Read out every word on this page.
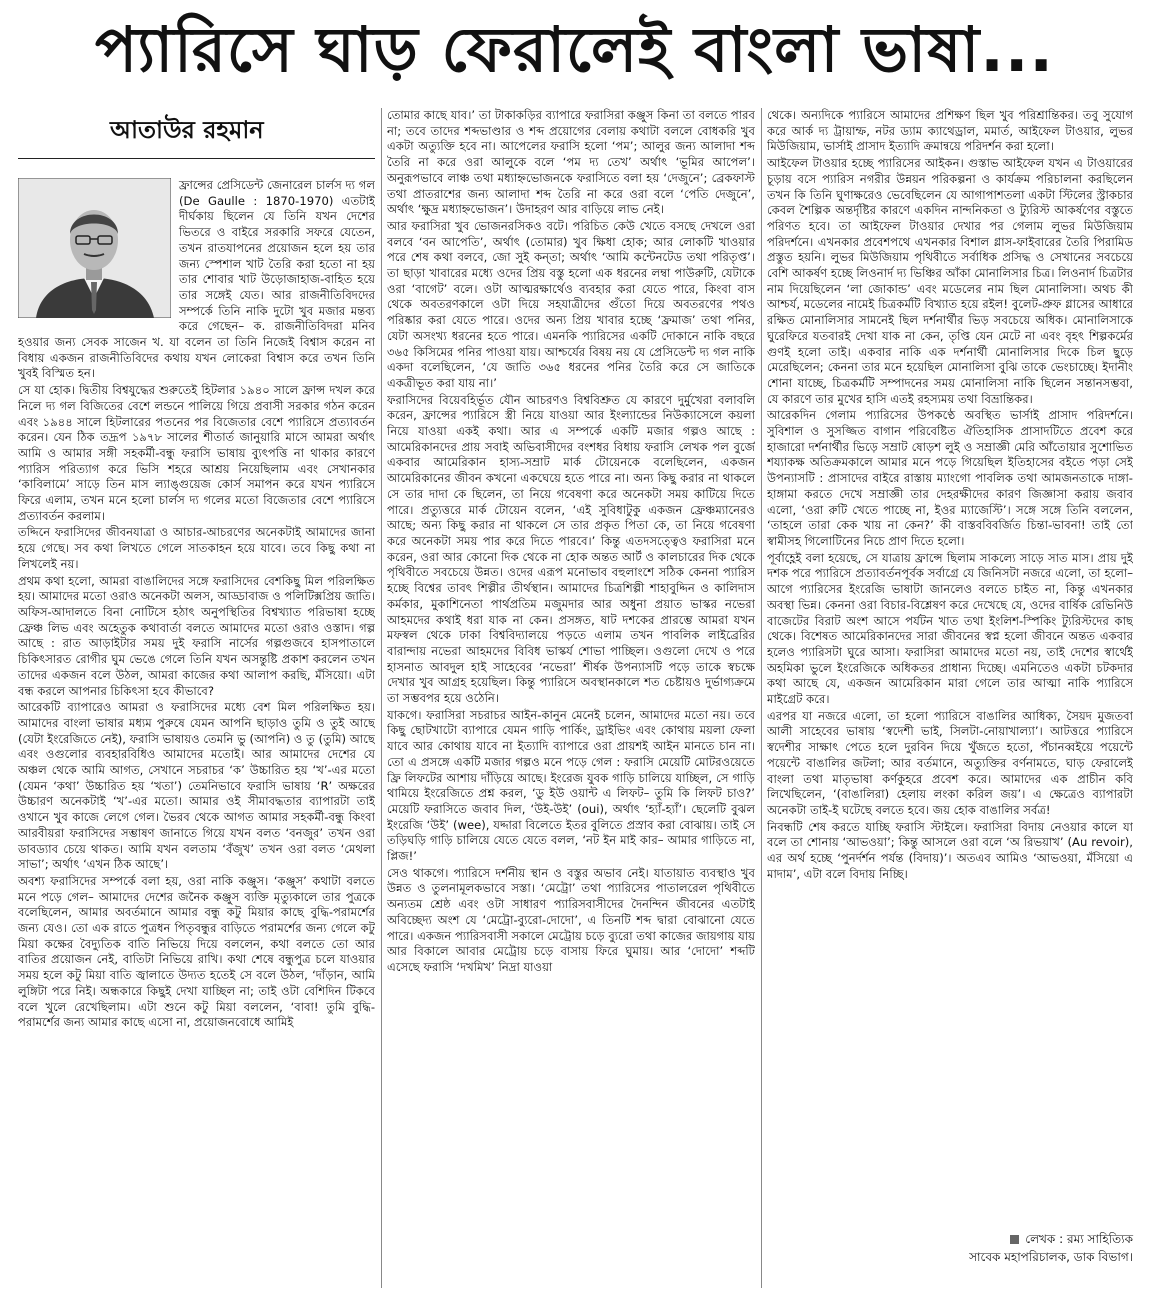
প্যারিসে ঘাড় ফেরালেই বাংলা ভাষা...
আতাউর রহমান

ফ্রান্সের প্রেসিডেন্ট জেনারেল চার্লস দ্য গল (De Gaulle : 1870-1970) এতটাই দীর্ঘকায় ছিলেন যে তিনি যখন দেশের ভিতরে ও বাইরে সরকারি সফরে যেতেন, তখন রাতযাপনের প্রয়োজন হলে হয় তার জন্য স্পেশাল খাট তৈরি করা হতো না হয় তার শোবার খাট উড়োজাহাজ-বাহিত হয়ে তার সঙ্গেই যেত। আর রাজনীতিবিদদের সম্পর্কে তিনি নাকি দুটো খুব মজার মন্তব্য করে গেছেন– ক. রাজনীতিবিদরা মনিব হওয়ার জন্য সেবক সাজেন খ. যা বলেন তা তিনি নিজেই বিশ্বাস করেন না বিধায় একজন রাজনীতিবিদের কথায় যখন লোকেরা বিশ্বাস করে তখন তিনি খুবই বিস্মিত হন।

সে যা হোক। দ্বিতীয় বিশ্বযুদ্ধের শুরুতেই হিটলার ১৯৪০ সালে ফ্রান্স দখল করে নিলে দ্য গল বিজিতের বেশে লন্ডনে পালিয়ে গিয়ে প্রবাসী সরকার গঠন করেন এবং ১৯৪৪ সালে হিটলারের পতনের পর বিজেতার বেশে প্যারিসে প্রত্যাবর্তন করেন। যেন ঠিক তদ্রূপ ১৯৭৮ সালের শীতার্ত জানুয়ারি মাসে আমরা অর্থাৎ আমি ও আমার সঙ্গী সহকর্মী-বন্ধু ফরাসি ভাষায় ব্যুৎপত্তি না থাকার কারণে প্যারিস পরিত্যাগ করে ভিসি শহরে আশ্রয় নিয়েছিলাম এবং সেখানকার ‘কাবিলামে’ সাড়ে তিন মাস ল্যাঙ্গুয়েজ কোর্স সমাপন করে যখন প্যারিসে ফিরে এলাম, তখন মনে হলো চার্লস দ্য গলের মতো বিজেতার বেশে প্যারিসে প্রত্যাবর্তন করলাম।

তদ্দিনে ফরাসিদের জীবনযাত্রা ও আচার-আচরণের অনেকটাই আমাদের জানা হয়ে গেছে। সব কথা লিখতে গেলে সাতকাহন হয়ে যাবে। তবে কিছু কথা না লিখলেই নয়।

প্রথম কথা হলো, আমরা বাঙালিদের সঙ্গে ফরাসিদের বেশকিছু মিল পরিলক্ষিত হয়। আমাদের মতো ওরাও অনেকটা অলস, আড্ডাবাজ ও পলিটিক্সপ্রিয় জাতি। অফিস-আদালতে বিনা নোটিসে হঠাৎ অনুপস্থিতির বিশ্বখ্যাত পরিভাষা হচ্ছে ফ্রেঞ্চ লিভ এবং অহেতুক কথাবার্তা বলতে আমাদের মতো ওরাও ওস্তাদ। গল্প আছে : রাত আড়াইটার সময় দুই ফরাসি নার্সের গল্পগুজবে হাসপাতালে চিকিৎসারত রোগীর ঘুম ভেঙে গেলে তিনি যখন অসন্তুষ্টি প্রকাশ করলেন তখন তাদের একজন বলে উঠল, আমরা কাজের কথা আলাপ করছি, মঁসিয়ো। এটা বন্ধ করলে আপনার চিকিৎসা হবে কীভাবে?

আরেকটি ব্যাপারেও আমরা ও ফরাসিদের মধ্যে বেশ মিল পরিলক্ষিত হয়। আমাদের বাংলা ভাষার মধ্যম পুরুষে যেমন আপনি ছাড়াও তুমি ও তুই আছে (যেটা ইংরেজিতে নেই), ফরাসি ভাষায়ও তেমনি ভু (আপনি) ও তু (তুমি) আছে এবং ওগুলোর ব্যবহারবিধিও আমাদের মতোই। আর আমাদের দেশের যে অঞ্চল থেকে আমি আগত, সেখানে সচরাচর ‘ক’ উচ্চারিত হয় ‘খ’-এর মতো (যেমন ‘কথা’ উচ্চারিত হয় ‘খতা’) তেমনিভাবে ফরাসি ভাষায় ‘R’ অক্ষরের উচ্চারণ অনেকটাই ‘খ’-এর মতো। আমার ওই সীমাবদ্ধতার ব্যাপারটা তাই ওখানে খুব কাজে লেগে গেল। ভৈরব থেকে আগত আমার সহকর্মী-বন্ধু কিংবা আরবীয়রা ফরাসিদের সম্ভাষণ জানাতে গিয়ে যখন বলত ‘বনজুর’ তখন ওরা ডাবড্যাব চেয়ে থাকত। আমি যখন বলতাম ‘বঁজুখ’ তখন ওরা বলত ‘মেথলা সাভা’; অর্থাৎ ‘এখন ঠিক আছে’।

অবশ্য ফরাসিদের সম্পর্কে বলা হয়, ওরা নাকি কঞ্জুস। ‘কঞ্জুস’ কথাটা বলতে মনে পড়ে গেল– আমাদের দেশের জনৈক কঞ্জুস ব্যক্তি মৃত্যুকালে তার পুত্রকে বলেছিলেন, আমার অবর্তমানে আমার বন্ধু কটু মিয়ার কাছে বুদ্ধি-পরামর্শের জন্য যেও। তো এক রাতে পুত্রধন পিতৃবন্ধুর বাড়িতে পরামর্শের জন্য গেলে কটু মিয়া কক্ষের বৈদ্যুতিক বাতি নিভিয়ে দিয়ে বললেন, কথা বলতে তো আর বাতির প্রয়োজন নেই, বাতিটা নিভিয়ে রাখি। কথা শেষে বন্ধুপুত্র চলে যাওয়ার সময় হলে কটু মিয়া বাতি জ্বালাতে উদ্যত হতেই সে বলে উঠল, ‘দাঁড়ান, আমি লুঙ্গিটা পরে নিই। অন্ধকারে কিছুই দেখা যাচ্ছিল না; তাই ওটা বেশিদিন টিকবে বলে খুলে রেখেছিলাম। এটা শুনে কটু মিয়া বললেন, ‘বাবা! তুমি বুদ্ধি-পরামর্শের জন্য আমার কাছে এসো না, প্রয়োজনবোধে আমিই

তোমার কাছে যাব।’ তা টাকাকড়ির ব্যাপারে ফরাসিরা কঞ্জুস কিনা তা বলতে পারব না; তবে তাদের শব্দভাণ্ডার ও শব্দ প্রয়োগের বেলায় কথাটা বললে বোধকরি খুব একটা অত্যুক্তি হবে না। আপেলের ফরাসি হলো ‘পম’; আলুর জন্য আলাদা শব্দ তৈরি না করে ওরা আলুকে বলে ‘পম দ্য তেখ’ অর্থাৎ ‘ভূমির আপেল’। অনুরূপভাবে লাঞ্চ তথা মধ্যাহ্নভোজনকে ফরাসিতে বলা হয় ‘দেজুনে’; ব্রেকফাস্ট তথা প্রাতরাশের জন্য আলাদা শব্দ তৈরি না করে ওরা বলে ‘পেতি দেজুনে’, অর্থাৎ ‘ক্ষুদ্র মধ্যাহ্নভোজন’। উদাহরণ আর বাড়িয়ে লাভ নেই।

আর ফরাসিরা খুব ভোজনরসিকও বটে। পরিচিত কেউ খেতে বসছে দেখলে ওরা বলবে ‘বন আপেতি’, অর্থাৎ (তোমার) খুব ক্ষিধা হোক; আর লোকটি খাওয়ার পরে শেষ কথা বলবে, জো সুই কন্‌তা; অর্থাৎ ‘আমি কন্টেনটেড তথা পরিতৃপ্ত’। তা ছাড়া খাবারের মধ্যে ওদের প্রিয় বস্তু হলো এক ধরনের লম্বা পাউরুটি, যেটাকে ওরা ‘বাগেট’ বলে। ওটা আত্মরক্ষার্থেও ব্যবহার করা যেতে পারে, কিংবা বাস থেকে অবতরণকালে ওটা দিয়ে সহযাত্রীদের গুঁতো দিয়ে অবতরণের পথও পরিষ্কার করা যেতে পারে। ওদের অন্য প্রিয় খাবার হচ্ছে ‘ফ্রমাজ’ তথা পনির, যেটা অসংখ্য ধরনের হতে পারে। এমনকি প্যারিসের একটি দোকানে নাকি বছরে ৩৬৫ কিসিমের পনির পাওয়া যায়। আশ্চর্যের বিষয় নয় যে প্রেসিডেন্ট দ্য গল নাকি একদা বলেছিলেন, ‘যে জাতি ৩৬৫ ধরনের পনির তৈরি করে সে জাতিকে একত্রীভূত করা যায় না।’

ফরাসিদের বিয়েবহির্ভূত যৌন আচরণও বিশ্ববিশ্রুত যে কারণে দুর্মুখেরা বলাবলি করেন, ফ্রান্সের প্যারিসে স্ত্রী নিয়ে যাওয়া আর ইংল্যান্ডের নিউক্যাসেলে কয়লা নিয়ে যাওয়া একই কথা। আর এ সম্পর্কে একটি মজার গল্পও আছে : আমেরিকানদের প্রায় সবাই অভিবাসীদের বংশধর বিধায় ফরাসি লেখক পল বুর্জে একবার আমেরিকান হাস্য-সম্রাট মার্ক টোয়েনকে বলেছিলেন, একজন আমেরিকানের জীবন কখনো একঘেয়ে হতে পারে না। অন্য কিছু করার না থাকলে সে তার দাদা কে ছিলেন, তা নিয়ে গবেষণা করে অনেকটা সময় কাটিয়ে দিতে পারে। প্রত্যুত্তরে মার্ক টোয়েন বলেন, ‘এই সুবিধাটুকু একজন ফ্রেঞ্চম্যানেরও আছে; অন্য কিছু করার না থাকলে সে তার প্রকৃত পিতা কে, তা নিয়ে গবেষণা করে অনেকটা সময় পার করে দিতে পারবে।’ কিন্তু এতদসত্ত্বেও ফরাসিরা মনে করেন, ওরা আর কোনো দিক থেকে না হোক অন্তত আর্ট ও কালচারের দিক থেকে পৃথিবীতে সবচেয়ে উন্নত। ওদের এরূপ মনোভাব বহুলাংশে সঠিক কেননা প্যারিস হচ্ছে বিশ্বের তাবৎ শিল্পীর তীর্থস্থান। আমাদের চিত্রশিল্পী শাহাবুদ্দিন ও কালিদাস কর্মকার, মুকাশিনেতা পার্থপ্রতিম মজুমদার আর অধুনা প্রয়াত ভাস্কর নভেরা আহমদের কথাই ধরা যাক না কেন। প্রসঙ্গত, ষাট দশকের প্রারম্ভে আমরা যখন মফস্বল থেকে ঢাকা বিশ্ববিদ্যালয়ে পড়তে এলাম তখন পাবলিক লাইব্রেরির বারান্দায় নভেরা আহমদের বিবিধ ভাস্কর্য শোভা পাচ্ছিল। ওগুলো দেখে ও পরে হাসনাত আবদুল হাই সাহেবের ‘নভেরা’ শীর্ষক উপন্যাসটি পড়ে তাকে স্বচক্ষে দেখার খুব আগ্রহ হয়েছিল। কিন্তু প্যারিসে অবস্থানকালে শত চেষ্টায়ও দুর্ভাগ্যক্রমে তা সম্ভবপর হয়ে ওঠেনি।

যাকগে। ফরাসিরা সচরাচর আইন-কানুন মেনেই চলেন, আমাদের মতো নয়। তবে কিছু ছোটখাটো ব্যাপারে যেমন গাড়ি পার্কিং, ড্রাইভিং এবং কোথায় ময়লা ফেলা যাবে আর কোথায় যাবে না ইত্যাদি ব্যাপারে ওরা প্রায়শই আইন মানতে চান না। তো এ প্রসঙ্গে একটি মজার গল্পও মনে পড়ে গেল : ফরাসি মেয়েটি মোটরওয়েতে ফ্রি লিফটের আশায় দাঁড়িয়ে আছে। ইংরেজ যুবক গাড়ি চালিয়ে যাচ্ছিল, সে গাড়ি থামিয়ে ইংরেজিতে প্রশ্ন করল, ‘ডু ইউ ওয়ান্ট এ লিফট– তুমি কি লিফট চাও?’ মেয়েটি ফরাসিতে জবাব দিল, ‘উই-উই’ (oui), অর্থাৎ ‘হ্যাঁ-হ্যাঁ’। ছেলেটি বুঝল ইংরেজি ‘উই’ (wee), যদ্দারা বিলেতে ইতর বুলিতে প্রস্রাব করা বোঝায়। তাই সে তড়িঘড়ি গাড়ি চালিয়ে যেতে যেতে বলল, ‘নট ইন মাই কার– আমার গাড়িতে না, প্লিজ!’

সেও থাকগে। প্যারিসে দর্শনীয় স্থান ও বস্তুর অভাব নেই। যাতায়াত ব্যবস্থাও খুব উন্নত ও তুলনামূলকভাবে সস্তা। ‘মেট্রো’ তথা প্যারিসের পাতালরেল পৃথিবীতে অন্যতম শ্রেষ্ঠ এবং ওটা সাধারণ প্যারিসবাসীদের দৈনন্দিন জীবনের এতটাই অবিচ্ছেদ্য অংশ যে ‘মেট্রো-ব্যুরো-দোদো’, এ তিনটি শব্দ দ্বারা বোঝানো যেতে পারে। একজন প্যারিসবাসী সকালে মেট্রোয় চড়ে ব্যুরো তথা কাজের জায়গায় যায় আর বিকালে আবার মেট্রোয় চড়ে বাসায় ফিরে ঘুমায়। আর ‘দোদো’ শব্দটি এসেছে ফরাসি ‘দখমিখ’ নিদ্রা যাওয়া

থেকে। অন্যদিকে প্যারিসে আমাদের প্রশিক্ষণ ছিল খুব পরিশ্রান্তিকর। তবু সুযোগ করে আর্ক দ্য ট্রায়াম্ফ, নটর ড্যাম ক্যাথেড্রাল, মমার্ত, আইফেল টাওয়ার, লুভর মিউজিয়াম, ভার্সাই প্রাসাদ ইত্যাদি ক্রমান্বয়ে পরিদর্শন করা হলো।

আইফেল টাওয়ার হচ্ছে প্যারিসের আইকন। গুস্তাভ আইফেল যখন এ টাওয়ারের চূড়ায় বসে প্যারিস নগরীর উন্নয়ন পরিকল্পনা ও কার্যক্রম পরিচালনা করছিলেন তখন কি তিনি ঘুণাক্ষরেও ভেবেছিলেন যে আগাপাশতলা একটা স্টিলের স্ট্রাকচার কেবল শৈল্পিক অন্তর্দৃষ্টির কারণে একদিন নান্দনিকতা ও ট্যুরিস্ট আকর্ষণের বস্তুতে পরিণত হবে। তা আইফেল টাওয়ার দেখার পর গেলাম লুভর মিউজিয়াম পরিদর্শনে। এখনকার প্রবেশপথে এখনকার বিশাল গ্লাস-ফাইবারের তৈরি পিরামিড প্রস্তুত হয়নি। লুভর মিউজিয়াম পৃথিবীতে সর্বাধিক প্রসিদ্ধ ও সেখানের সবচেয়ে বেশি আকর্ষণ হচ্ছে লিওনার্দ দ্য ভিঞ্চির আঁকা মোনালিসার চিত্র। লিওনার্দ চিত্রটার নাম দিয়েছিলেন ‘লা জোকান্ড’ এবং মডেলের নাম ছিল মোনালিসা। অথচ কী আশ্চর্য, মডেলের নামেই চিত্রকর্মটি বিখ্যাত হয়ে রইল! বুলেট-প্রুফ গ্লাসের আধারে রক্ষিত মোনালিসার সামনেই ছিল দর্শনার্থীর ভিড় সবচেয়ে অধিক। মোনালিসাকে ঘুরেফিরে যতবারই দেখা যাক না কেন, তৃপ্তি যেন মেটে না এবং বৃহৎ শিল্পকর্মের গুণই হলো তাই। একবার নাকি এক দর্শনার্থী মোনালিসার দিকে চিল ছুড়ে মেরেছিলেন; কেননা তার মনে হয়েছিল মোনালিসা বুঝি তাকে ভেংচাচ্ছে। ইদানীং শোনা যাচ্ছে, চিত্রকর্মটি সম্পাদনের সময় মোনালিসা নাকি ছিলেন সন্তানসম্ভবা, যে কারণে তার মুখের হাসি এতই রহস্যময় তথা বিভ্রান্তিকর।

আরেকদিন গেলাম প্যারিসের উপকণ্ঠে অবস্থিত ভার্সাই প্রাসাদ পরিদর্শনে। সুবিশাল ও সুসজ্জিত বাগান পরিবেষ্টিত ঐতিহাসিক প্রাসাদটিতে প্রবেশ করে হাজারো দর্শনার্থীর ভিড়ে সম্রাট ষোড়শ লুই ও সম্রাজ্ঞী মেরি আঁতোয়ার সুশোভিত শয্যাকক্ষ অতিক্রমকালে আমার মনে পড়ে গিয়েছিল ইতিহাসের বইতে পড়া সেই উপন্যাসটি : প্রাসাদের বাইরে রাস্তায় ম্যাংগো পাবলিক তথা আমজনতাকে দাঙ্গা-হাঙ্গামা করতে দেখে সম্রাজ্ঞী তার দেহরক্ষীদের কারণ জিজ্ঞাসা করায় জবাব এলো, ‘ওরা রুটি খেতে পাচ্ছে না, ইওর ম্যাজেস্টি’। সঙ্গে সঙ্গে তিনি বললেন, ‘তাহলে তারা কেক খায় না কেন?’ কী বাস্তববিবর্জিত চিন্তা-ভাবনা! তাই তো স্বামীসহ গিলোটিনের নিচে প্রাণ দিতে হলো।

পূর্বাহ্ণেই বলা হয়েছে, সে যাত্রায় ফ্রান্সে ছিলাম সাকল্যে সাড়ে সাত মাস। প্রায় দুই দশক পরে প্যারিসে প্রত্যাবর্তনপূর্বক সর্বাগ্রে যে জিনিসটা নজরে এলো, তা হলো– আগে প্যারিসের ইংরেজি ভাষাটা জানলেও বলতে চাইত না, কিন্তু এখনকার অবস্থা ভিন্ন। কেননা ওরা বিচার-বিশ্লেষণ করে দেখেছে যে, ওদের বার্ষিক রেভিনিউ বাজেটের বিরাট অংশ আসে পর্যটন খাত তথা ইংলিশ-স্পিকিং ট্যুরিস্টদের কাছ থেকে। বিশেষত আমেরিকানদের সারা জীবনের স্বপ্ন হলো জীবনে অন্তত একবার হলেও প্যারিসটা ঘুরে আসা। ফরাসিরা আমাদের মতো নয়, তাই দেশের স্বার্থেই অহমিকা ভুলে ইংরেজিকে অধিকতর প্রাধান্য দিচ্ছে। এমনিতেও একটা চটকদার কথা আছে যে, একজন আমেরিকান মারা গেলে তার আত্মা নাকি প্যারিসে মাইগ্রেট করে।

এরপর যা নজরে এলো, তা হলো প্যারিসে বাঙালির আধিক্য, সৈয়দ মুজতবা আলী সাহেবের ভাষায় ‘স্বদেশী ভাই, সিলটা-নোয়াখাল্যা’। আটত্তরে প্যারিসে স্বদেশীর সাক্ষাৎ পেতে হলে দুরবিন দিয়ে খুঁজতে হতো, পঁচানব্বইয়ে পয়েন্টে পয়েন্টে বাঙালির জটলা; আর বর্তমানে, অত্যুক্তির বর্ণনামতে, ঘাড় ফেরালেই বাংলা তথা মাতৃভাষা কর্ণকুহরে প্রবেশ করে। আমাদের এক প্রাচীন কবি লিখেছিলেন, ‘(বাঙালিরা) হেলায় লংকা করিল জয়’। এ ক্ষেত্রেও ব্যাপারটা অনেকটা তাই-ই ঘটেছে বলতে হবে। জয় হোক বাঙালির সর্বত্র!

নিবন্ধটি শেষ করতে যাচ্ছি ফরাসি স্টাইলে। ফরাসিরা বিদায় নেওয়ার কালে যা বলে তা শোনায় ‘আভওয়া’; কিন্তু আসলে ওরা বলে ‘অ রিভয়াখ’ (Au revoir), এর অর্থ হচ্ছে ‘পুনর্দর্শন পর্যন্ত (বিদায়)’। অতএব আমিও ‘আভওয়া, মঁসিয়ো এ মাদাম’, এটা বলে বিদায় নিচ্ছি।

লেখক : রম্য সাহিত্যিক
সাবেক মহাপরিচালক, ডাক বিভাগ।
